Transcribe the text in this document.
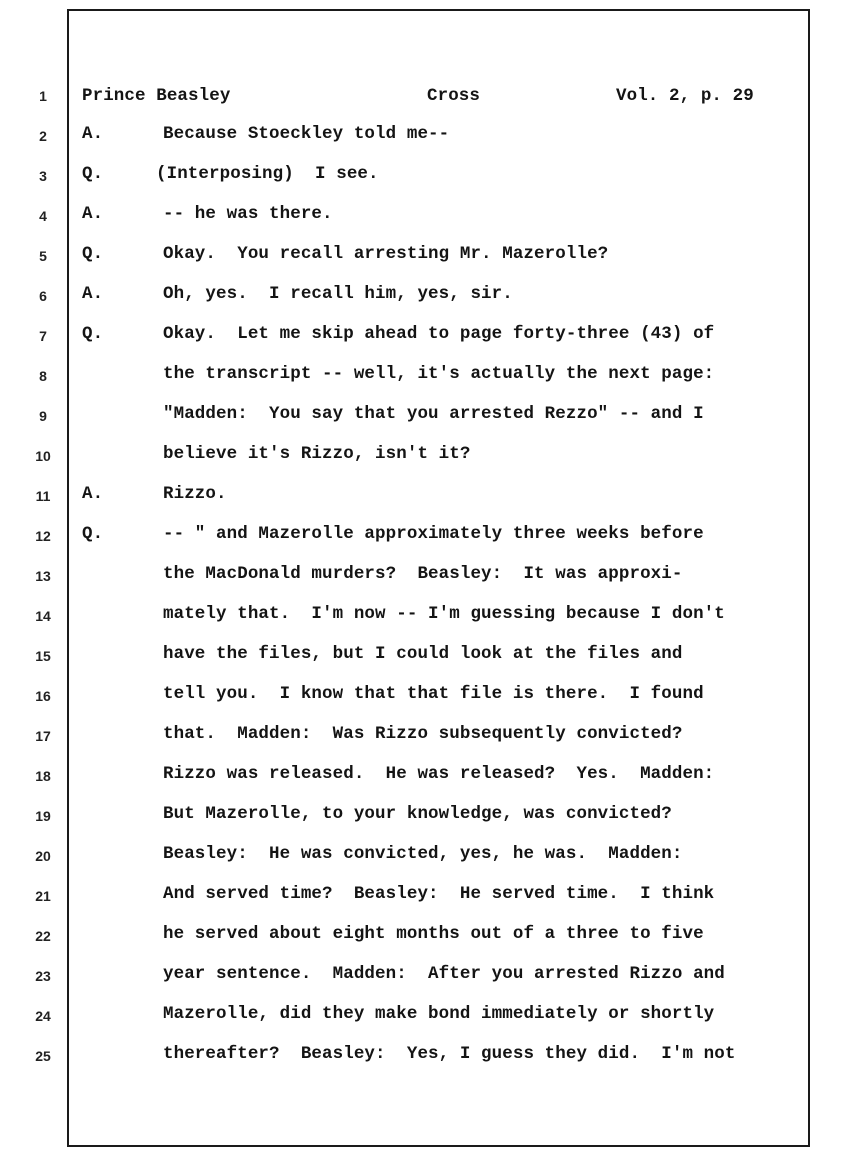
1
2
3
4
5
6
7
8
9
10
11
12
13
14
15
16
17
18
19
20
21
22
23
24
25
Prince Beasley	Cross	Vol. 2, p. 29
A.	Because Stoeckley told me--
Q.	(Interposing)  I see.
A.	-- he was there.
Q.	Okay.  You recall arresting Mr. Mazerolle?
A.	Oh, yes.  I recall him, yes, sir.
Q.	Okay.  Let me skip ahead to page forty-three (43) of
the transcript -- well, it's actually the next page:
"Madden:  You say that you arrested Rezzo" -- and I
believe it's Rizzo, isn't it?
A.	Rizzo.
Q.	-- " and Mazerolle approximately three weeks before
the MacDonald murders?  Beasley:  It was approxi-
mately that.  I'm now -- I'm guessing because I don't
have the files, but I could look at the files and
tell you.  I know that that file is there.  I found
that.  Madden:  Was Rizzo subsequently convicted?
Rizzo was released.  He was released?  Yes.  Madden:
But Mazerolle, to your knowledge, was convicted?
Beasley:  He was convicted, yes, he was.  Madden:
And served time?  Beasley:  He served time.  I think
he served about eight months out of a three to five
year sentence.  Madden:  After you arrested Rizzo and
Mazerolle, did they make bond immediately or shortly
thereafter?  Beasley:  Yes, I guess they did.  I'm not
